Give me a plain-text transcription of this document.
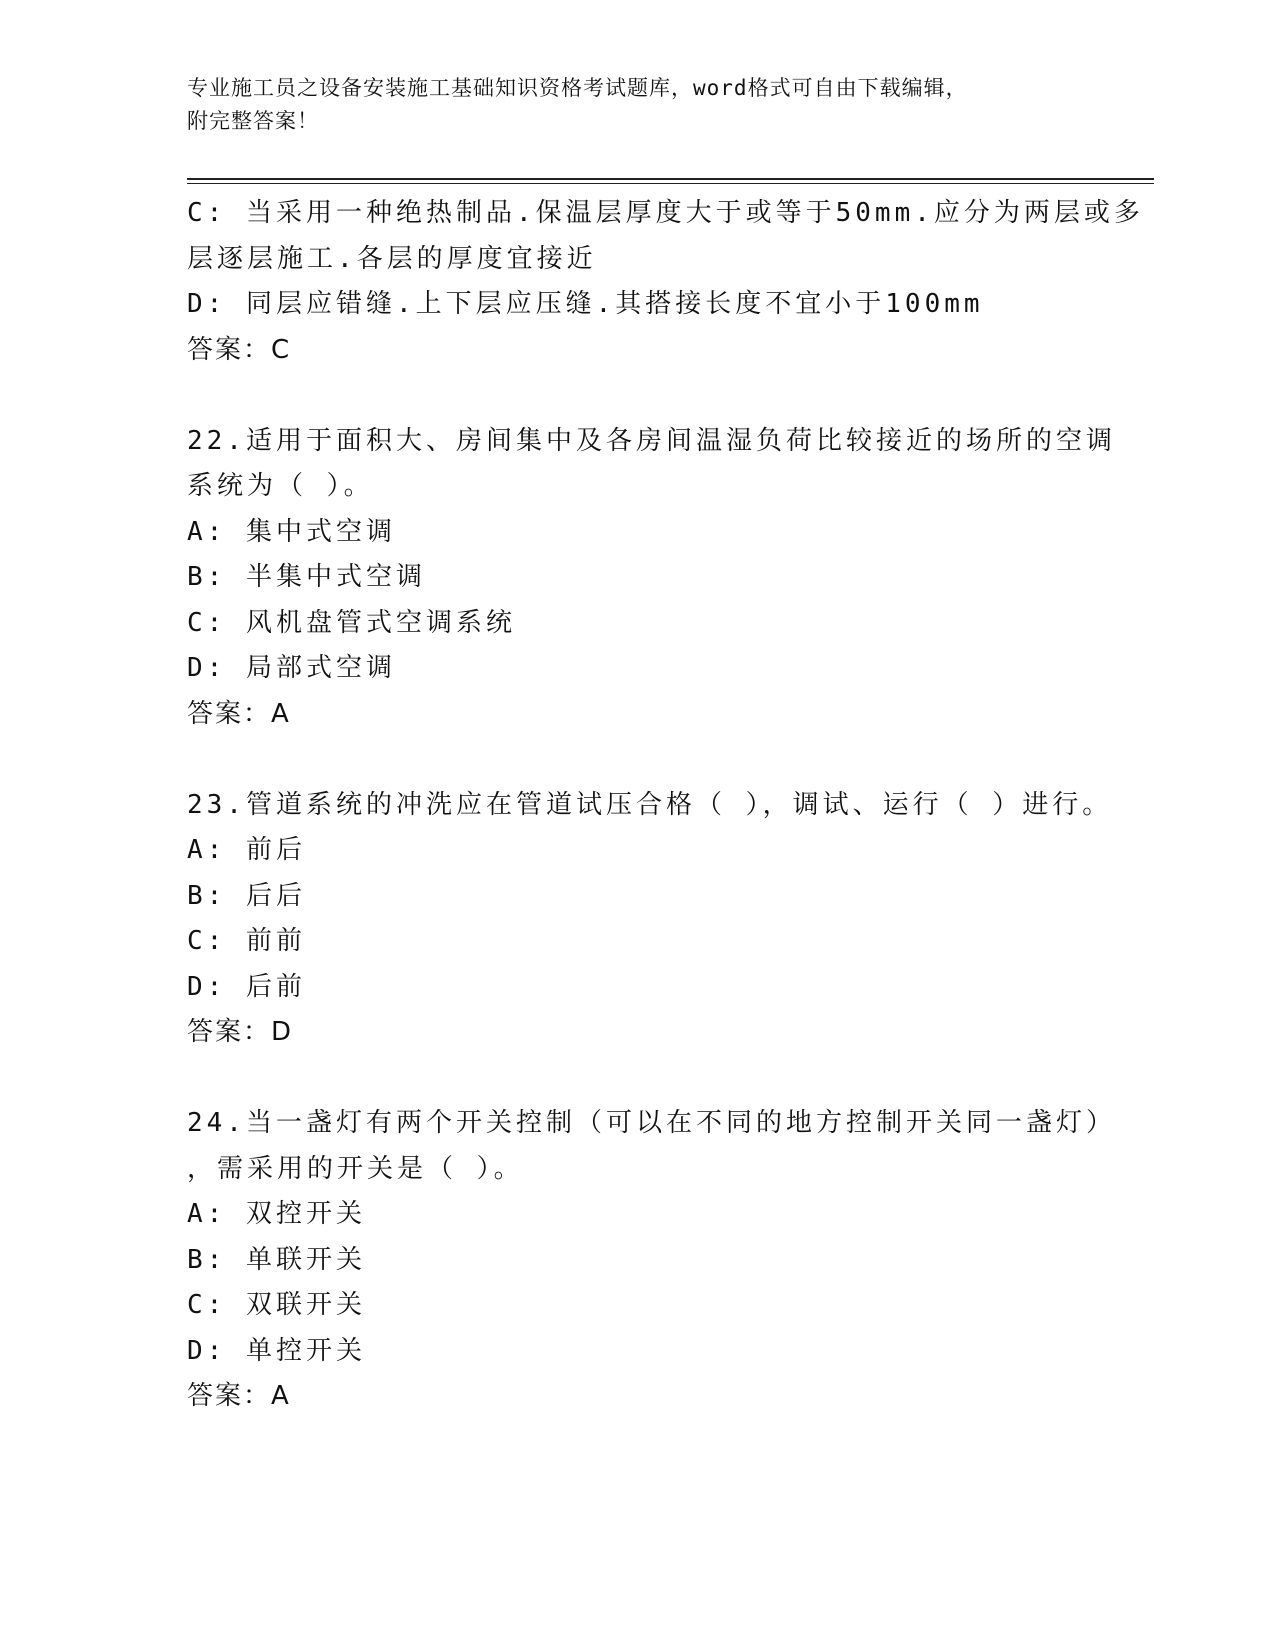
专业施工员之设备安装施工基础知识资格考试题库，word格式可自由下载编辑，
附完整答案！
C: 当采用一种绝热制品.保温层厚度大于或等于50mm.应分为两层或多
层逐层施工.各层的厚度宜接近
D: 同层应错缝.上下层应压缝.其搭接长度不宜小于100mm
答案：C
22.适用于面积大、房间集中及各房间温湿负荷比较接近的场所的空调
系统为（ ）。
A: 集中式空调
B: 半集中式空调
C: 风机盘管式空调系统
D: 局部式空调
答案：A
23.管道系统的冲洗应在管道试压合格（ ），调试、运行（ ）进行。
A: 前后
B: 后后
C: 前前
D: 后前
答案：D
24.当一盏灯有两个开关控制（可以在不同的地方控制开关同一盏灯）
，需采用的开关是（ ）。
A: 双控开关
B: 单联开关
C: 双联开关
D: 单控开关
答案：A
